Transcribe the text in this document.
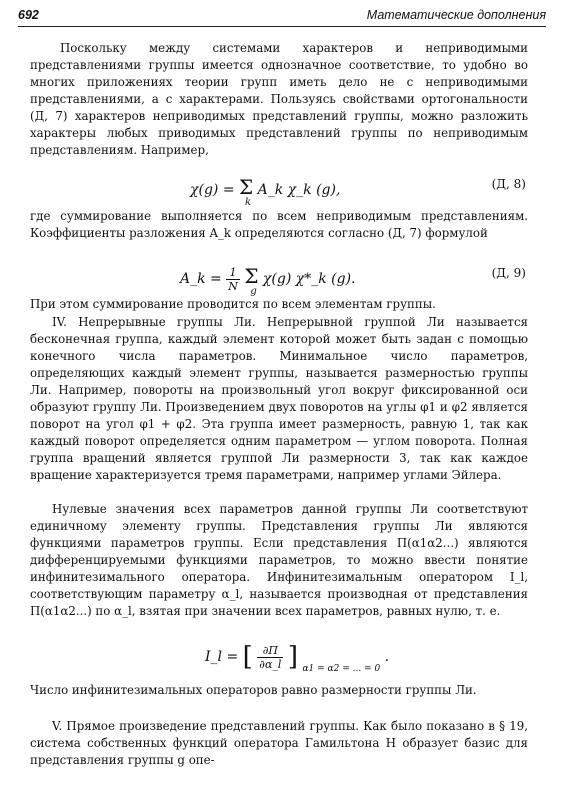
692	Математические дополнения
Поскольку между системами характеров и неприводимыми представлениями группы имеется однозначное соответствие, то удобно во многих приложениях теории групп иметь дело не с неприводимыми представлениями, а с характерами. Пользуясь свойствами ортогональности (Д, 7) характеров неприводимых представлений группы, можно разложить характеры любых приводимых представлений группы по неприводимым представлениям. Например,
χ(g) = Σ
k
A_k χ_k (g),	(Д, 8)
где суммирование выполняется по всем неприводимым представлениям. Коэффициенты разложения A_k определяются согласно (Д, 7) формулой
A_k = $\frac{1}{N}$ Σ
g
χ(g) χ*_k (g).	(Д, 9)
При этом суммирование проводится по всем элементам группы.
IV. Непрерывные группы Ли. Непрерывной группой Ли называется бесконечная группа, каждый элемент которой может быть задан с помощью конечного числа параметров. Минимальное число параметров, определяющих каждый элемент группы, называется размерностью группы Ли. Например, повороты на произвольный угол вокруг фиксированной оси образуют группу Ли. Произведением двух поворотов на углы φ1 и φ2 является поворот на угол φ1 + φ2. Эта группа имеет размерность, равную 1, так как каждый поворот определяется одним параметром — углом поворота. Полная группа вращений является группой Ли размерности 3, так как каждое вращение характеризуется тремя параметрами, например углами Эйлера.
Нулевые значения всех параметров данной группы Ли соответствуют единичному элементу группы. Представления группы Ли являются функциями параметров группы. Если представления П(α1α2...) являются дифференцируемыми функциями параметров, то можно ввести понятие инфинитезимального оператора. Инфинитезимальным оператором I_l, соответствующим параметру α_l, называется производная от представления П(α1α2...) по α_l, взятая при значении всех параметров, равных нулю, т. е.
I_l = [ $\frac{\partial П}{\partial\alpha\_l}$ ] $_{\alpha 1 = \alpha 2 = ... = 0}$ .
Число инфинитезимальных операторов равно размерности группы Ли.
V. Прямое произведение представлений группы. Как было показано в § 19, система собственных функций оператора Гамильтона H образует базис для представления группы g опе-
